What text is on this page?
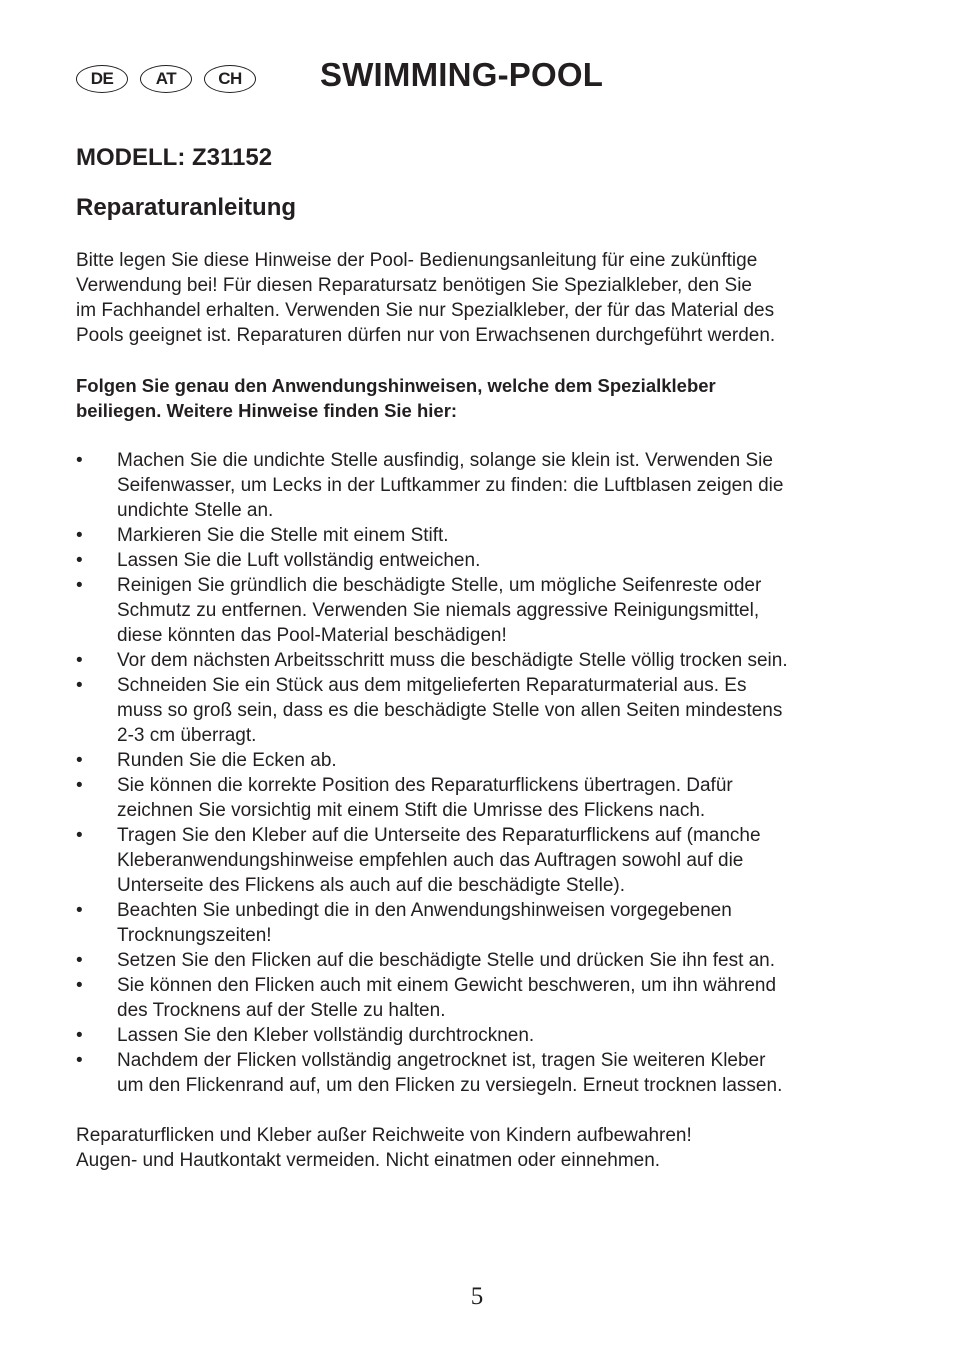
DE	AT	CH	SWIMMING-POOL
MODELL: Z31152
Reparaturanleitung

Bitte legen Sie diese Hinweise der Pool- Bedienungsanleitung für eine zukünftige
Verwendung bei! Für diesen Reparatursatz benötigen Sie Spezialkleber, den Sie
im Fachhandel erhalten. Verwenden Sie nur Spezialkleber, der für das Material des
Pools geeignet ist. Reparaturen dürfen nur von Erwachsenen durchgeführt werden.

Folgen Sie genau den Anwendungshinweisen, welche dem Spezialkleber
beiliegen. Weitere Hinweise finden Sie hier:

• Machen Sie die undichte Stelle ausfindig, solange sie klein ist. Verwenden Sie
Seifenwasser, um Lecks in der Luftkammer zu finden: die Luftblasen zeigen die
undichte Stelle an.
• Markieren Sie die Stelle mit einem Stift.
• Lassen Sie die Luft vollständig entweichen.
• Reinigen Sie gründlich die beschädigte Stelle, um mögliche Seifenreste oder
Schmutz zu entfernen. Verwenden Sie niemals aggressive Reinigungsmittel,
diese könnten das Pool-Material beschädigen!
• Vor dem nächsten Arbeitsschritt muss die beschädigte Stelle völlig trocken sein.
• Schneiden Sie ein Stück aus dem mitgelieferten Reparaturmaterial aus. Es
muss so groß sein, dass es die beschädigte Stelle von allen Seiten mindestens
2-3 cm überragt.
• Runden Sie die Ecken ab.
• Sie können die korrekte Position des Reparaturflickens übertragen. Dafür
zeichnen Sie vorsichtig mit einem Stift die Umrisse des Flickens nach.
• Tragen Sie den Kleber auf die Unterseite des Reparaturflickens auf (manche
Kleberanwendungshinweise empfehlen auch das Auftragen sowohl auf die
Unterseite des Flickens als auch auf die beschädigte Stelle).
• Beachten Sie unbedingt die in den Anwendungshinweisen vorgegebenen
Trocknungszeiten!
• Setzen Sie den Flicken auf die beschädigte Stelle und drücken Sie ihn fest an.
• Sie können den Flicken auch mit einem Gewicht beschweren, um ihn während
des Trocknens auf der Stelle zu halten.
• Lassen Sie den Kleber vollständig durchtrocknen.
• Nachdem der Flicken vollständig angetrocknet ist, tragen Sie weiteren Kleber
um den Flickenrand auf, um den Flicken zu versiegeln. Erneut trocknen lassen.

Reparaturflicken und Kleber außer Reichweite von Kindern aufbewahren!
Augen- und Hautkontakt vermeiden. Nicht einatmen oder einnehmen.

5
